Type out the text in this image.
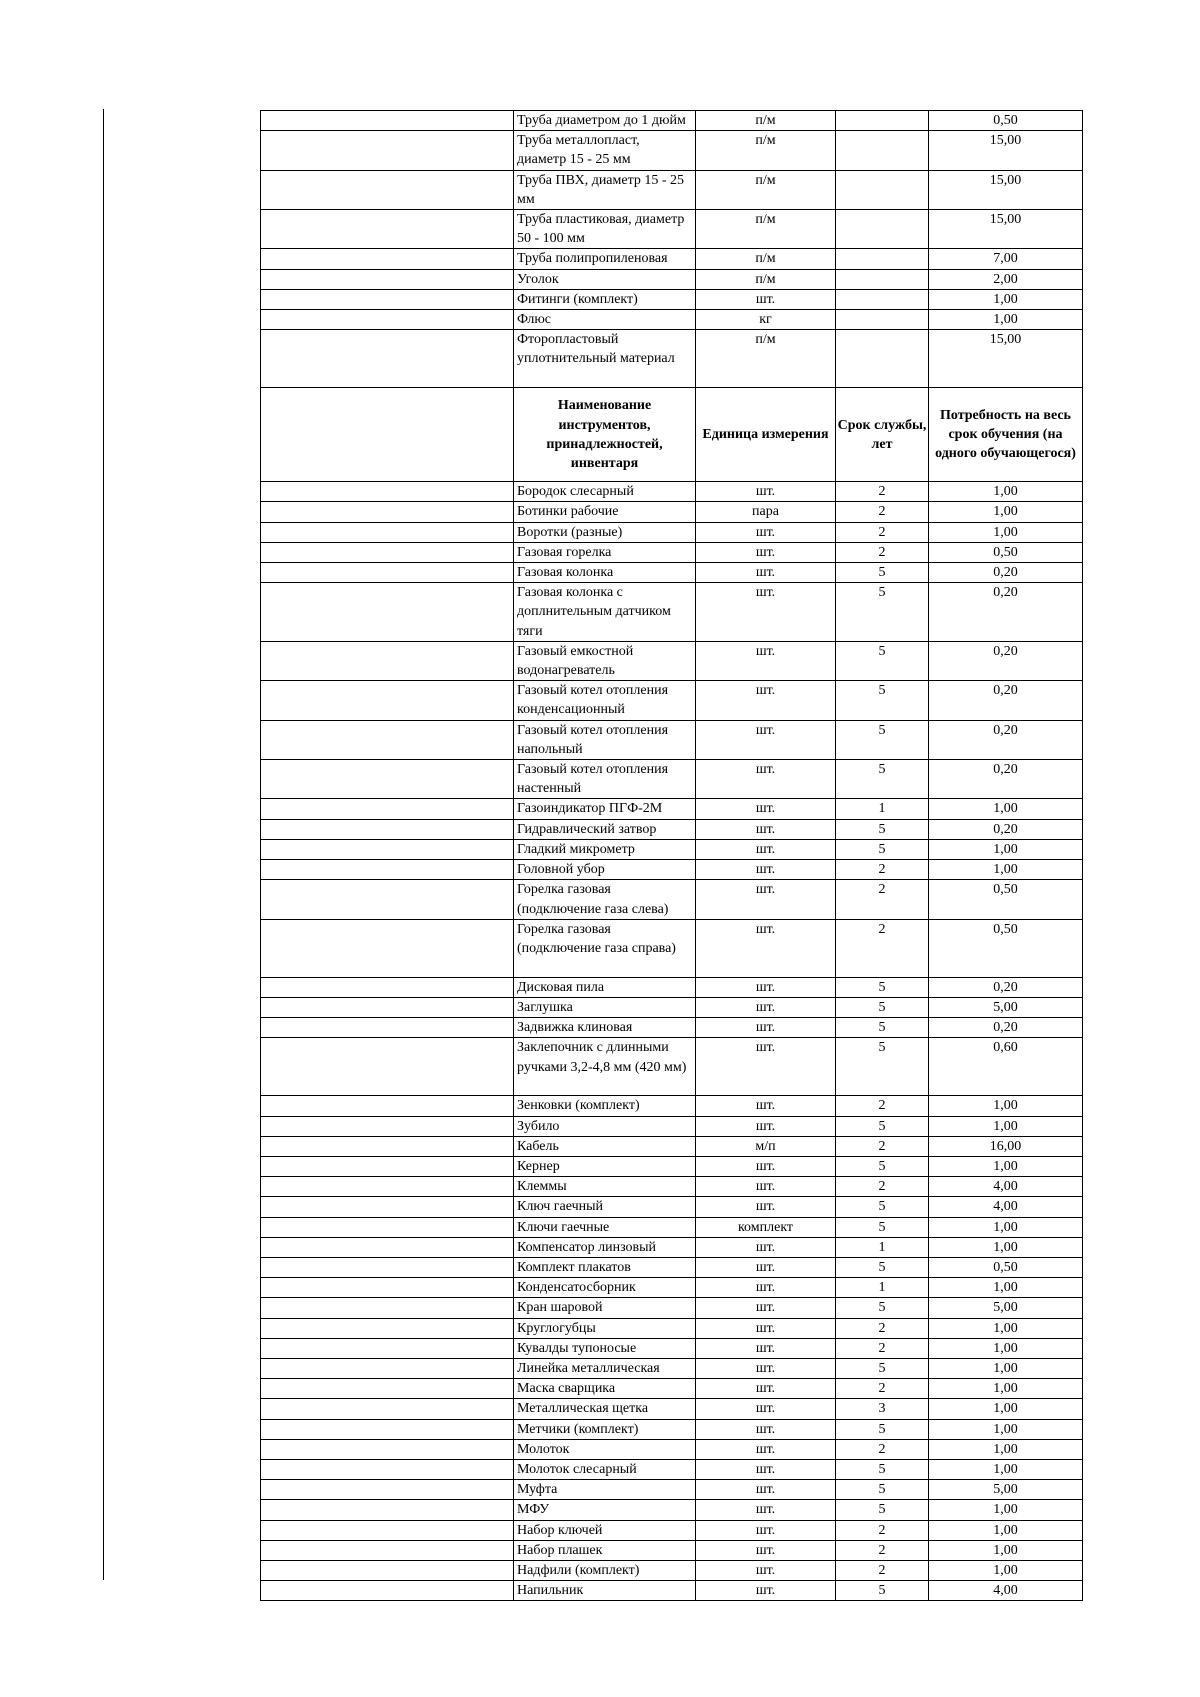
	Труба диаметром до 1 дюйм	п/м		0,50
	Труба металлопласт, диаметр 15 - 25 мм	п/м		15,00
	Труба ПВХ, диаметр 15 - 25 мм	п/м		15,00
	Труба пластиковая, диаметр 50 - 100 мм	п/м		15,00
	Труба полипропиленовая	п/м		7,00
	Уголок	п/м		2,00
	Фитинги (комплект)	шт.		1,00
	Флюс	кг		1,00
	Фторопластовый уплотнительный материал	п/м		15,00
	Наименование инструментов, принадлежностей, инвентаря	Единица измерения	Срок службы, лет	Потребность на весь срок обучения (на одного обучающегося)
	Бородок слесарный	шт.	2	1,00
	Ботинки рабочие	пара	2	1,00
	Воротки (разные)	шт.	2	1,00
	Газовая горелка	шт.	2	0,50
	Газовая колонка	шт.	5	0,20
	Газовая колонка с доплнительным датчиком тяги	шт.	5	0,20
	Газовый емкостной водонагреватель	шт.	5	0,20
	Газовый котел отопления конденсационный	шт.	5	0,20
	Газовый котел отопления напольный	шт.	5	0,20
	Газовый котел отопления настенный	шт.	5	0,20
	Газоиндикатор ПГФ-2М	шт.	1	1,00
	Гидравлический затвор	шт.	5	0,20
	Гладкий микрометр	шт.	5	1,00
	Головной убор	шт.	2	1,00
	Горелка газовая (подключение газа слева)	шт.	2	0,50
	Горелка газовая (подключение газа справа)	шт.	2	0,50
	Дисковая пила	шт.	5	0,20
	Заглушка	шт.	5	5,00
	Задвижка клиновая	шт.	5	0,20
	Заклепочник с длинными ручками 3,2-4,8 мм (420 мм)	шт.	5	0,60
	Зенковки (комплект)	шт.	2	1,00
	Зубило	шт.	5	1,00
	Кабель	м/п	2	16,00
	Кернер	шт.	5	1,00
	Клеммы	шт.	2	4,00
	Ключ гаечный	шт.	5	4,00
	Ключи гаечные	комплект	5	1,00
	Компенсатор линзовый	шт.	1	1,00
	Комплект плакатов	шт.	5	0,50
	Конденсатосборник	шт.	1	1,00
	Кран шаровой	шт.	5	5,00
	Круглогубцы	шт.	2	1,00
	Кувалды тупоносые	шт.	2	1,00
	Линейка металлическая	шт.	5	1,00
	Маска сварщика	шт.	2	1,00
	Металлическая щетка	шт.	3	1,00
	Метчики (комплект)	шт.	5	1,00
	Молоток	шт.	2	1,00
	Молоток слесарный	шт.	5	1,00
	Муфта	шт.	5	5,00
	МФУ	шт.	5	1,00
	Набор ключей	шт.	2	1,00
	Набор плашек	шт.	2	1,00
	Надфили (комплект)	шт.	2	1,00
	Напильник	шт.	5	4,00
